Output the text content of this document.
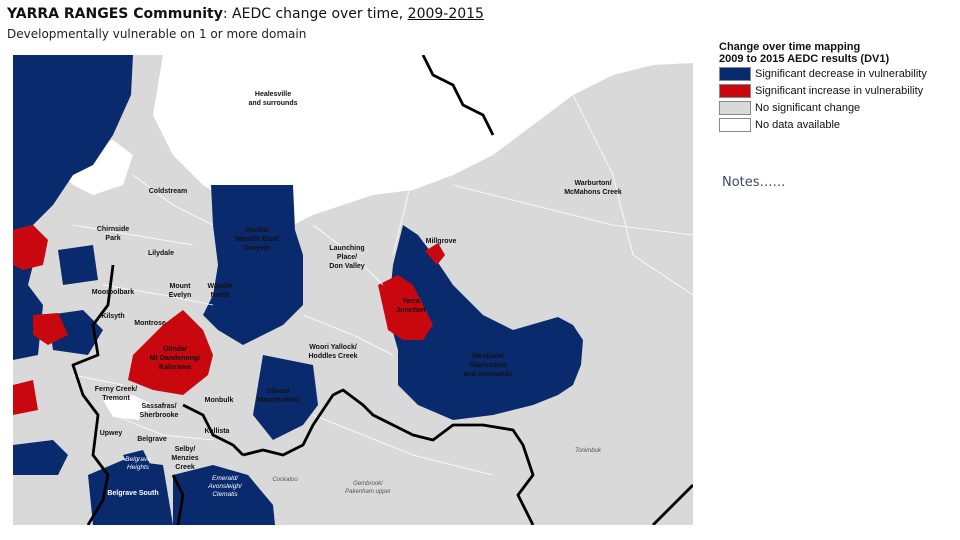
YARRA RANGES Community: AEDC change over time, 2009-2015
Developmentally vulnerable on 1 or more domain
Healesville and surrounds
Coldstream
Chirnside Park
Lilydale
Seville/ Wandin East/ Gruyere	Launching Place/ Don Valley
Millgrove
Warburton/ McMahons Creek
Yarra Junction
Mooroolbark
Mount Evelyn
Wandin North
Kilsyth
Montrose
Olinda/ Mt Dandenong/ Kalorama
Woori Yallock/ Hoddles Creek	Wesburn/ Gladysdale and surrounds
Ferny Creek/ Tremont	Monbulk
Silvan/ Macclesfield
Sassafras/ Sherbrooke
Upwey	Kallista
Belgrave
Belgrave Heights
Selby/ Menzies Creek
Belgrave South
Emerald/ Avonsleigh/ Clematis
Cockatoo
Gembrook/ Pakenham upper
Tonimbuk
Change over time mapping
2009 to 2015 AEDC results (DV1)
Significant decrease in vulnerability
Significant increase in vulnerability
No significant change
No data available
Notes……
